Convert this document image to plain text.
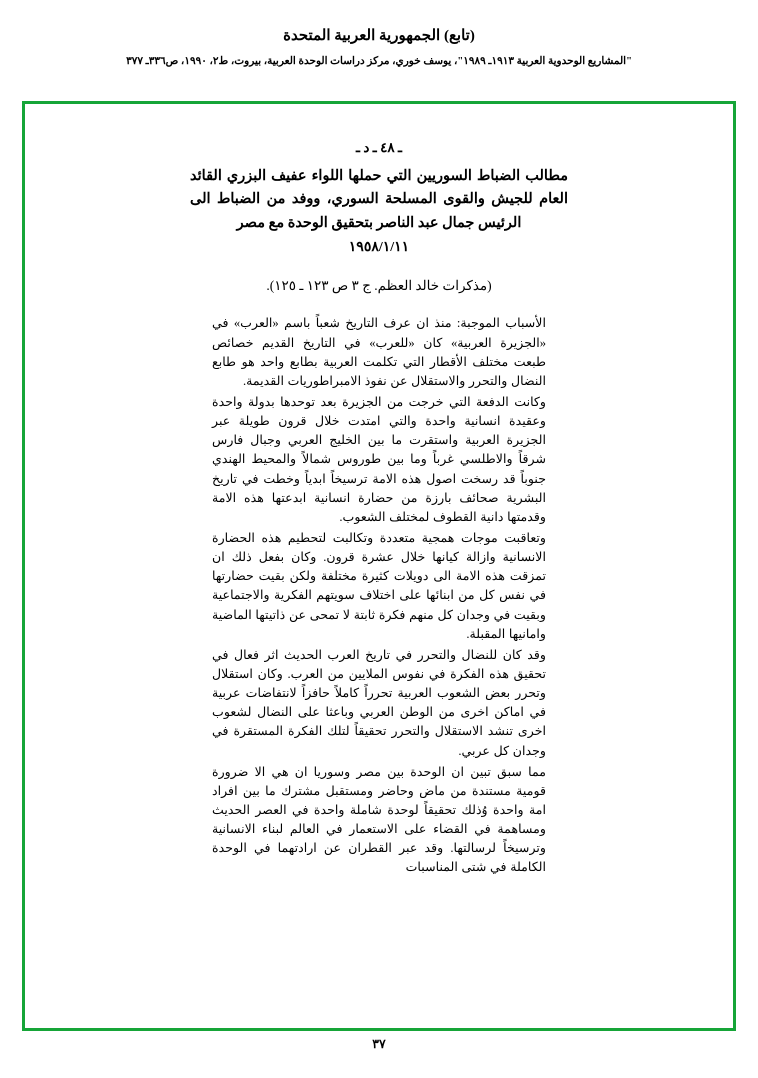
(تابع) الجمهورية العربية المتحدة
"المشاريع الوحدوية العربية ١٩١٣ـ ١٩٨٩"، يوسف خوري، مركز دراسات الوحدة العربية، بيروت، ط٢، ١٩٩٠، ص٣٣٦ـ ٣٧٧
ـ ٤٨ ـ د ـ
مطالب الضباط السوريين التي حملها اللواء عفيف البزري القائد العام للجيش والقوى المسلحة السوري، ووفد من الضباط الى الرئيس جمال عبد الناصر بتحقيق الوحدة مع مصر
١٩٥٨/١/١١
(مذكرات خالد العظم. ج ٣ ص ١٢٣ ـ ١٢٥).

الأسباب الموجبة: منذ ان عرف التاريخ شعباً باسم «العرب» في «الجزيرة العربية» كان «للعرب» في التاريخ القديم خصائص طبعت مختلف الأقطار التي تكلمت العربية بطابع واحد هو طابع النضال والتحرر والاستقلال عن نفوذ الامبراطوريات القديمة.

وكانت الدفعة التي خرجت من الجزيرة بعد توحدها بدولة واحدة وعقيدة انسانية واحدة والتي امتدت خلال قرون طويلة عبر الجزيرة العربية واستقرت ما بين الخليج العربي وجبال فارس شرقاً والاطلسي غرباً وما بين طوروس شمالاً والمحيط الهندي جنوباً قد رسخت اصول هذه الامة ترسيخاً ابدياً وخطت في تاريخ البشرية صحائف بارزة من حضارة انسانية ابدعتها هذه الامة وقدمتها دانية القطوف لمختلف الشعوب.

وتعاقبت موجات همجية متعددة وتكالبت لتحطيم هذه الحضارة الانسانية وازالة كيانها خلال عشرة قرون. وكان بفعل ذلك ان تمزقت هذه الامة الى دويلات كثيرة مختلفة ولكن بقيت حضارتها في نفس كل من ابنائها على اختلاف سويتهم الفكرية والاجتماعية وبقيت في وجدان كل منهم فكرة ثابتة لا تمحى عن ذاتيتها الماضية وامانيها المقبلة.

وقد كان للنضال والتحرر في تاريخ العرب الحديث اثر فعال في تحقيق هذه الفكرة في نفوس الملايين من العرب. وكان استقلال وتحرر بعض الشعوب العربية تحرراً كاملاً حافزاً لانتفاضات عربية في اماكن اخرى من الوطن العربي وباعثا على النضال لشعوب اخرى تنشد الاستقلال والتحرر تحقيقاً لتلك الفكرة المستقرة في وجدان كل عربي.

مما سبق تبين ان الوحدة بين مصر وسوريا ان هي الا ضرورة قومية مستندة من ماض وحاضر ومستقبل مشترك ما بين افراد امة واحدة وُذلك تحقيقاً لوحدة شاملة واحدة في العصر الحديث ومساهمة في القضاء على الاستعمار في العالم لبناء الانسانية وترسيخاً لرسالتها. وقد عبر القطران عن ارادتهما في الوحدة الكاملة في شتى المناسبات

٣٧
